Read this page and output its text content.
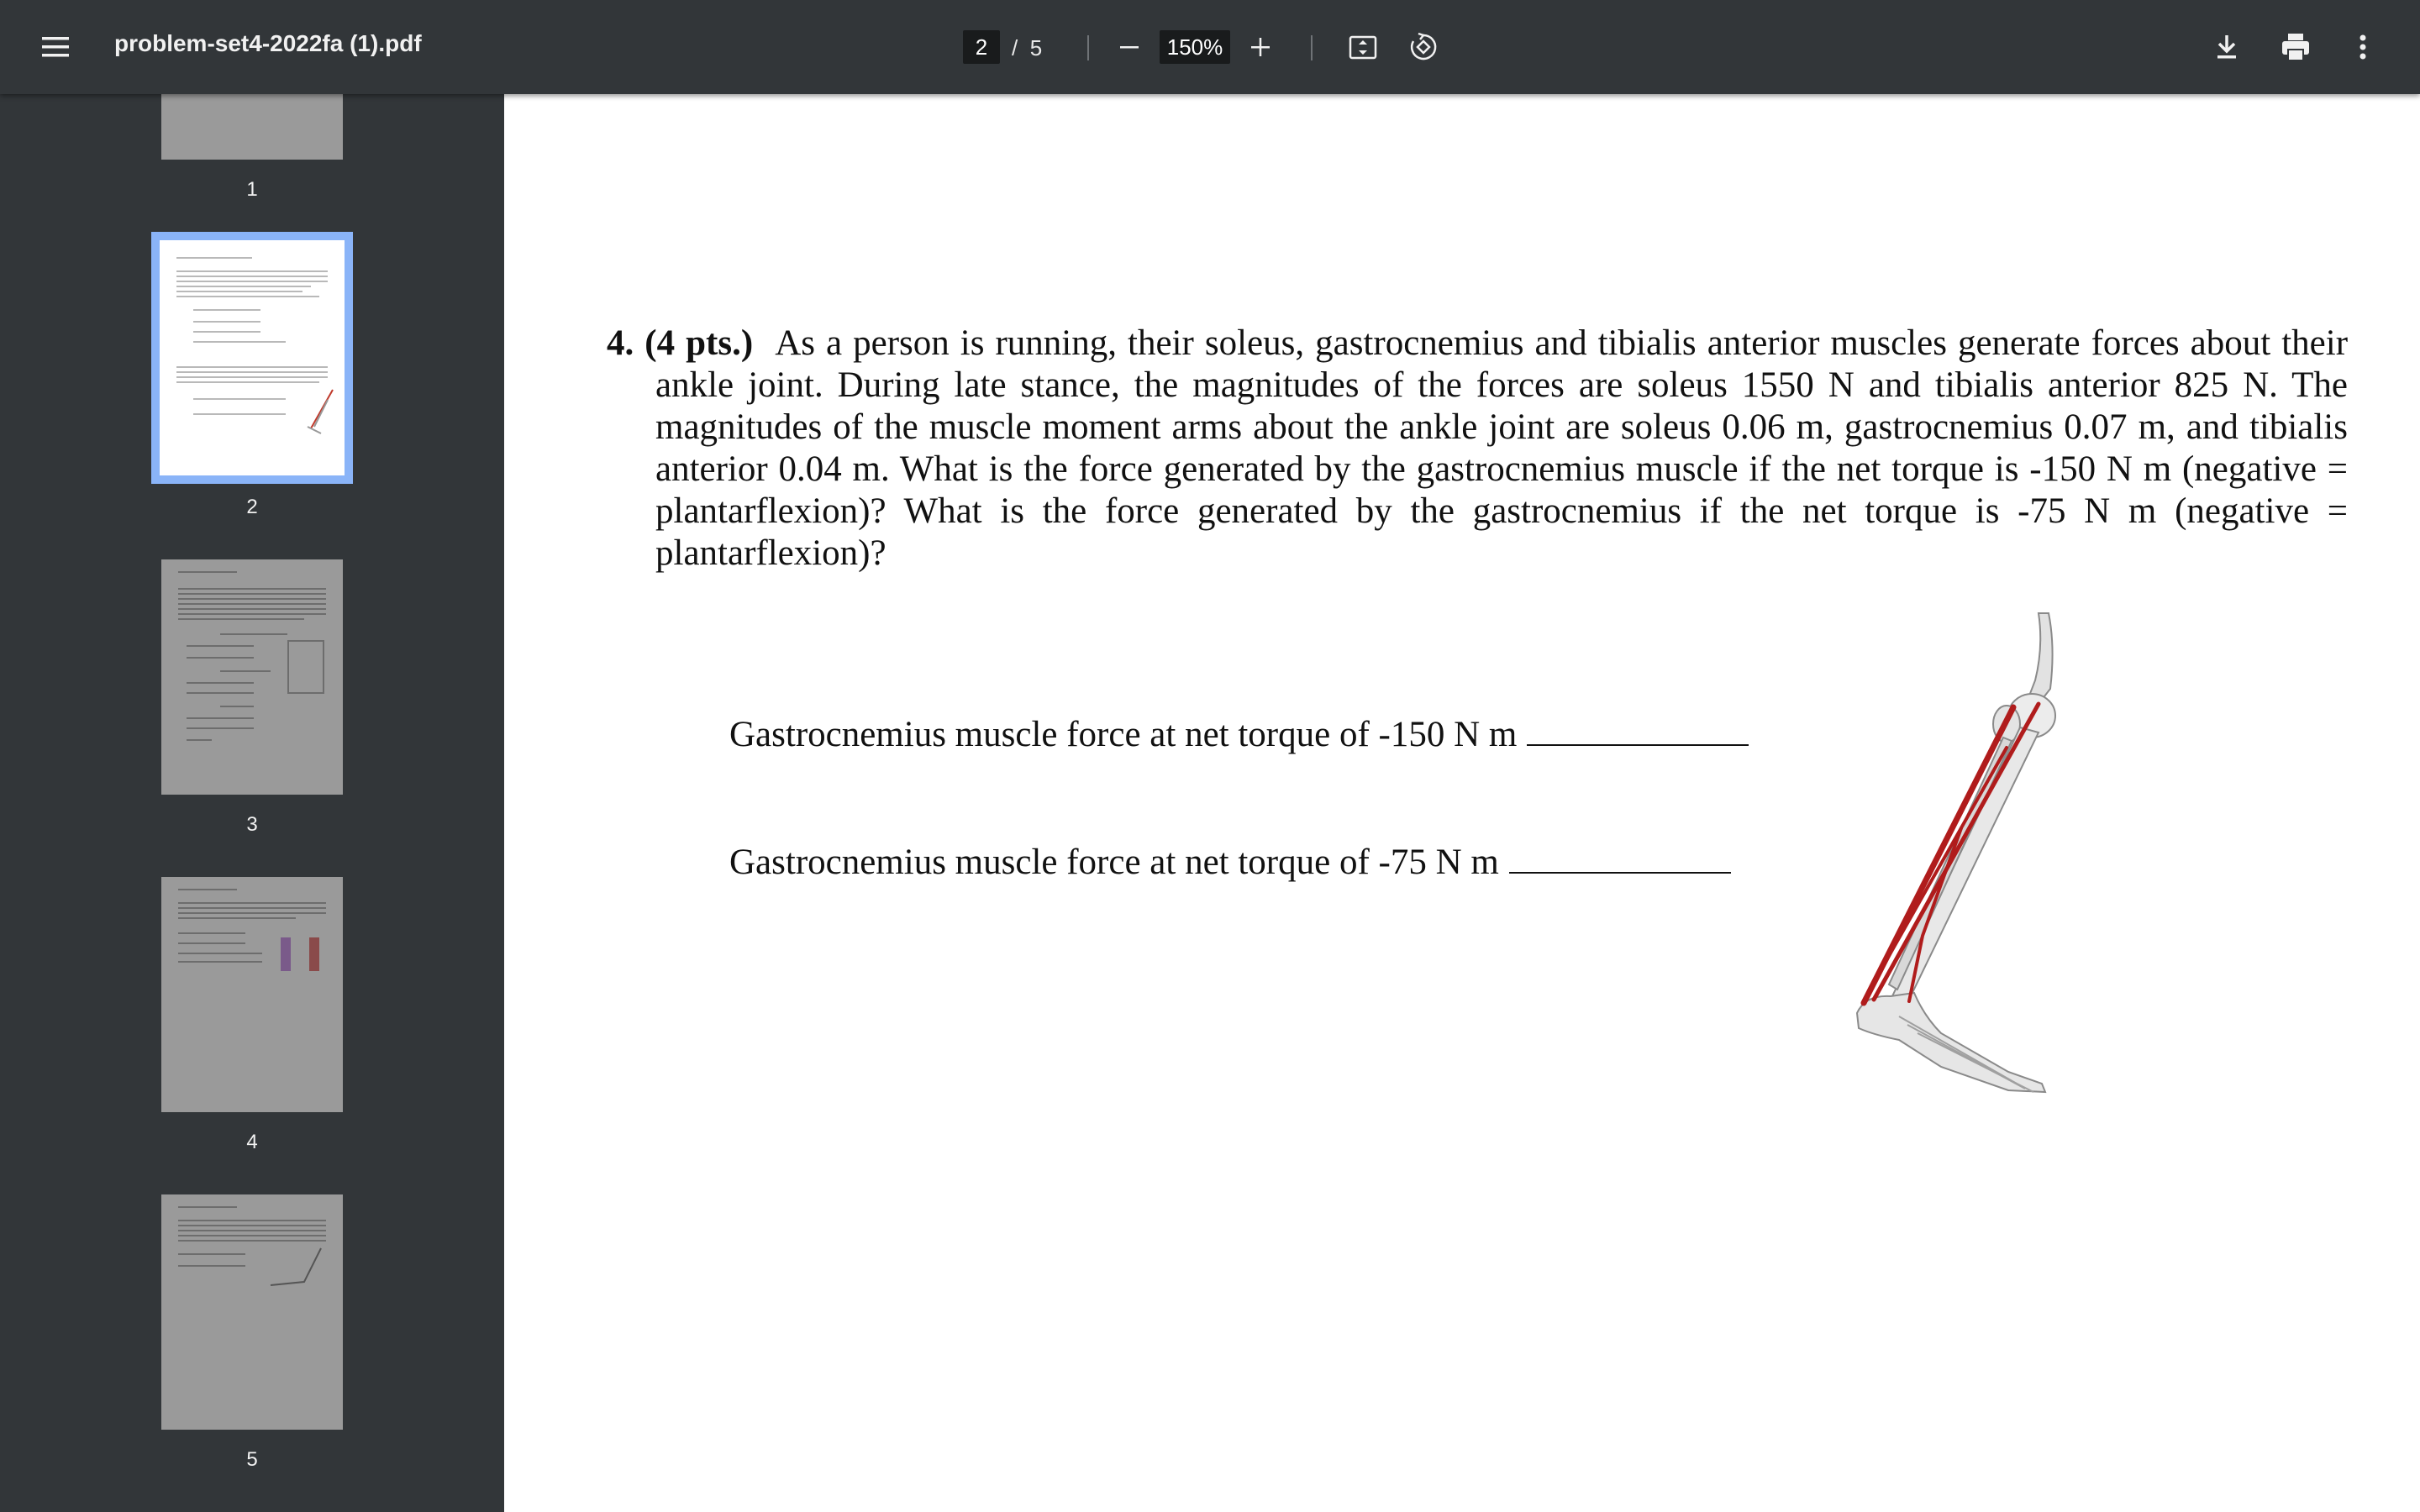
problem-set4-2022fa (1).pdf	2	/ 5	150%
1
2
3
4
5
4. (4 pts.) As a person is running, their soleus, gastrocnemius and tibialis anterior muscles generate forces about their ankle joint. During late stance, the magnitudes of the forces are soleus 1550 N and tibialis anterior 825 N. The magnitudes of the muscle moment arms about the ankle joint are soleus 0.06 m, gastrocnemius 0.07 m, and tibialis anterior 0.04 m. What is the force generated by the gastrocnemius muscle if the net torque is -150 N m (negative = plantarflexion)? What is the force generated by the gastrocnemius if the net torque is -75 N m (negative = plantarflexion)?
Gastrocnemius muscle force at net torque of -150 N m
Gastrocnemius muscle force at net torque of -75 N m
